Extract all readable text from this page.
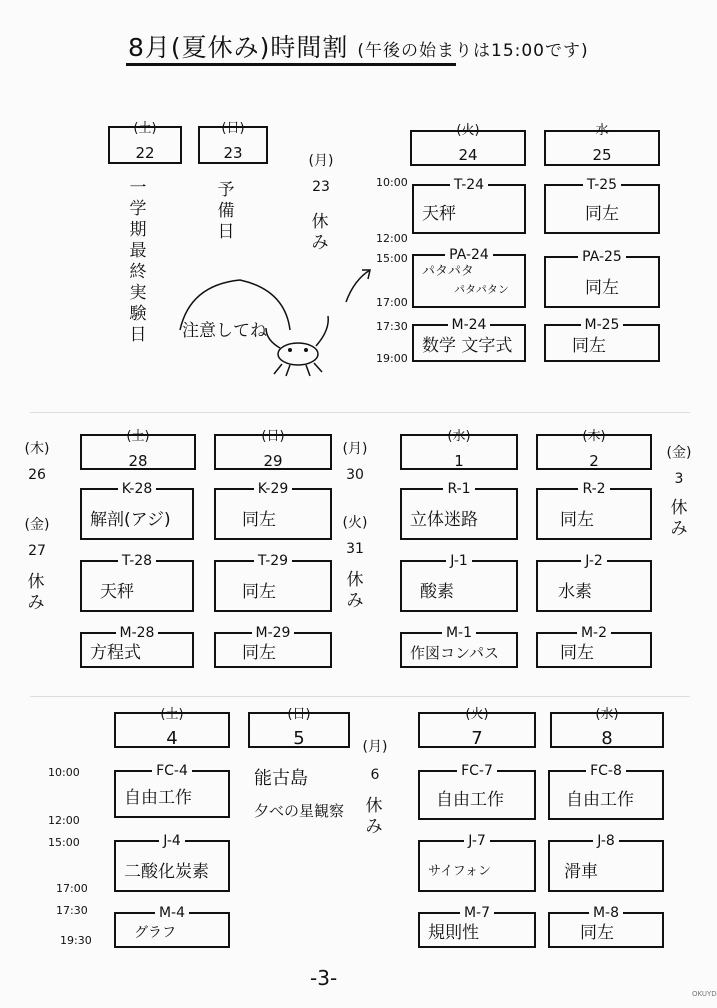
8月(夏休み)時間割 (午後の始まりは15:00です)
(土)
22
一学期最終実験日
(日)
23
予備日
(月)
23
休み
注意してね
(火)
24
水
25
10:00
12:00
15:00
17:00
17:30
19:00
T-24
天秤
PA-24
パタパタ
パタパタン
M-24
数学 文字式
T-25
同左
PA-25
同左
M-25
同左
(木)
26
(金)
27
休み
(土)
28
(日)
29
(月)
30
(火)
31
休み
(水)
1
(木)
2	(金)
3
休み
K-28
解剖(アジ)
T-28
天秤
M-28
方程式
K-29
同左
T-29
同左
M-29
同左
R-1
立体迷路
J-1
酸素
M-1
作図コンパス
R-2
同左
J-2
水素
M-2
同左
(土)
4
(日)
5
能古島
夕べの星観察
(月)
6
休み
(火)
7
(水)
8
10:00
12:00
15:00
17:00
17:30
19:30
FC-4
自由工作
J-4
二酸化炭素
M-4
グラフ
FC-7
自由工作
J-7
サイフォン
M-7
規則性
FC-8
自由工作
J-8
滑車
M-8
同左
-3-
OKUYD
